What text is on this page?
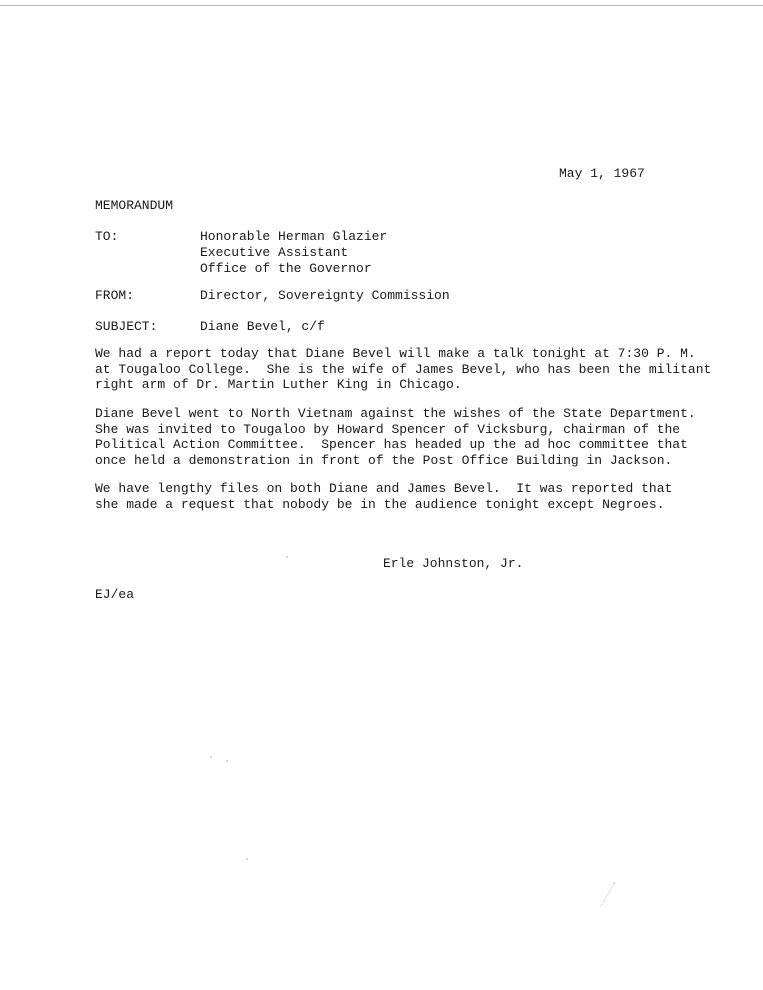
May 1, 1967
MEMORANDUM
TO:	Honorable Herman Glazier
Executive Assistant
Office of the Governor
FROM:	Director, Sovereignty Commission
SUBJECT:	Diane Bevel, c/f
We had a report today that Diane Bevel will make a talk tonight at 7:30 P. M.
at Tougaloo College.  She is the wife of James Bevel, who has been the militant
right arm of Dr. Martin Luther King in Chicago.
Diane Bevel went to North Vietnam against the wishes of the State Department.
She was invited to Tougaloo by Howard Spencer of Vicksburg, chairman of the
Political Action Committee.  Spencer has headed up the ad hoc committee that
once held a demonstration in front of the Post Office Building in Jackson.
We have lengthy files on both Diane and James Bevel.  It was reported that
she made a request that nobody be in the audience tonight except Negroes.
Erle Johnston, Jr.
EJ/ea
